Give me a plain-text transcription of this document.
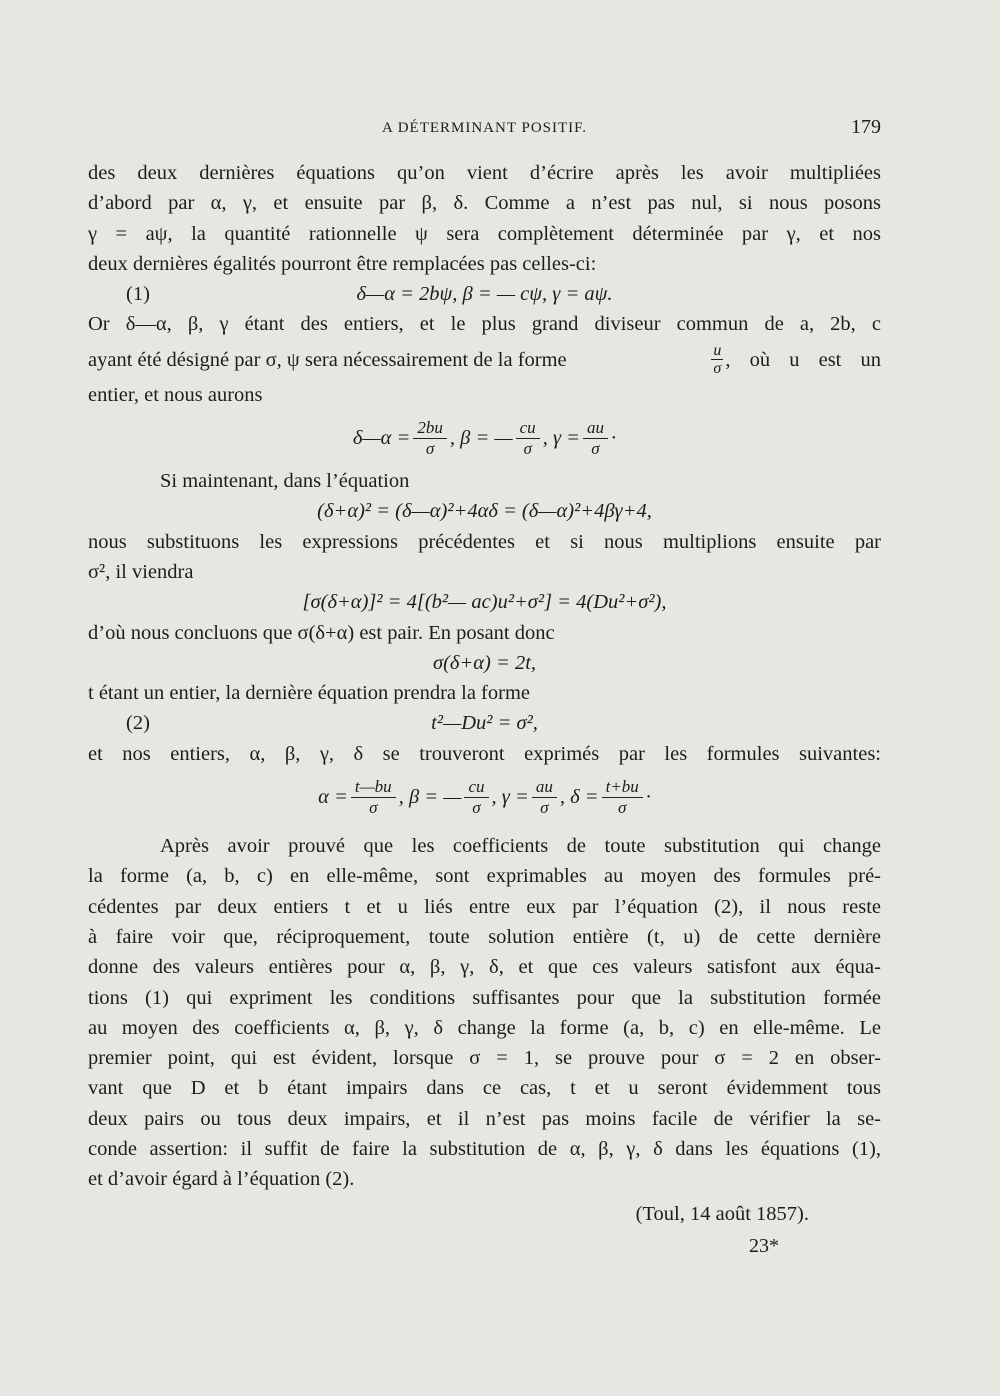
A DÉTERMINANT POSITIF.	179
des deux dernières équations qu’on vient d’écrire après les avoir multipliées
d’abord par α, γ, et ensuite par β, δ. Comme a n’est pas nul, si nous posons
γ = aψ, la quantité rationnelle ψ sera complètement déterminée par γ, et nos
deux dernières égalités pourront être remplacées pas celles-ci:
(1)	δ—α = 2bψ, β = — cψ, γ = aψ.
Or δ—α, β, γ étant des entiers, et le plus grand diviseur commun de a, 2b, c
ayant été désigné par σ, ψ sera nécessairement de la forme	$\frac{u}{\sigma}$ , où u est un
entier, et nous aurons
δ—α = $\frac{2bu}{\sigma}$ , β = — $\frac{cu}{\sigma}$ , $\gamma = \frac{au}{\sigma}$ ·
Si maintenant, dans l’équation
(δ+α)² = (δ—α)²+4αδ = (δ—α)²+4βγ+4,
nous substituons les expressions précédentes et si nous multiplions ensuite par
σ², il viendra
[σ(δ+α)]² = 4[(b²— ac)u²+σ²] = 4(Du²+σ²),
d’où nous concluons que σ(δ+α) est pair. En posant donc
σ(δ+α) = 2t,
t étant un entier, la dernière équation prendra la forme
(2)	t²—Du² = σ²,
et nos entiers, α, β, γ, δ se trouveront exprimés par les formules suivantes:
$\alpha = \frac{t—bu}{\sigma}$ , β = — $\frac{cu}{\sigma}$ , $\gamma = \frac{au}{\sigma}$ , $\delta = \frac{t+bu}{\sigma}$ ·
Après avoir prouvé que les coefficients de toute substitution qui change
la forme (a, b, c) en elle-même, sont exprimables au moyen des formules pré-
cédentes par deux entiers t et u liés entre eux par l’équation (2), il nous reste
à faire voir que, réciproquement, toute solution entière (t, u) de cette dernière
donne des valeurs entières pour α, β, γ, δ, et que ces valeurs satisfont aux équa-
tions (1) qui expriment les conditions suffisantes pour que la substitution formée
au moyen des coefficients α, β, γ, δ change la forme (a, b, c) en elle-même. Le
premier point, qui est évident, lorsque σ = 1, se prouve pour σ = 2 en obser-
vant que D et b étant impairs dans ce cas, t et u seront évidemment tous
deux pairs ou tous deux impairs, et il n’est pas moins facile de vérifier la se-
conde assertion: il suffit de faire la substitution de α, β, γ, δ dans les équations (1),
et d’avoir égard à l’équation (2).
(Toul, 14 août 1857).
23*
